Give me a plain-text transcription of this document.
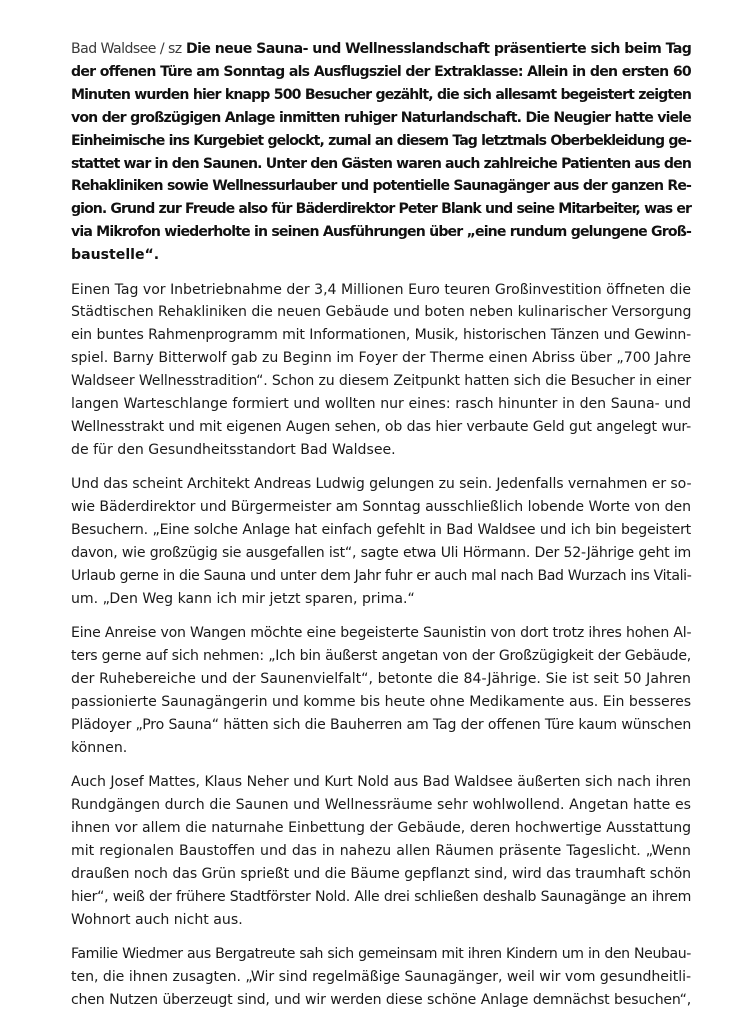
Bad Waldsee / sz Die neue Sauna- und Wellnesslandschaft präsentierte sich beim Tag
der offenen Türe am Sonntag als Ausflugsziel der Extraklasse: Allein in den ersten 60
Minuten wurden hier knapp 500 Besucher gezählt, die sich allesamt begeistert zeigten
von der großzügigen Anlage inmitten ruhiger Naturlandschaft. Die Neugier hatte viele
Einheimische ins Kurgebiet gelockt, zumal an diesem Tag letztmals Oberbekleidung ge-
stattet war in den Saunen. Unter den Gästen waren auch zahlreiche Patienten aus den
Rehakliniken sowie Wellnessurlauber und potentielle Saunagänger aus der ganzen Re-
gion. Grund zur Freude also für Bäderdirektor Peter Blank und seine Mitarbeiter, was er
via Mikrofon wiederholte in seinen Ausführungen über „eine rundum gelungene Groß-
baustelle“.
Einen Tag vor Inbetriebnahme der 3,4 Millionen Euro teuren Großinvestition öffneten die
Städtischen Rehakliniken die neuen Gebäude und boten neben kulinarischer Versorgung
ein buntes Rahmenprogramm mit Informationen, Musik, historischen Tänzen und Gewinn-
spiel. Barny Bitterwolf gab zu Beginn im Foyer der Therme einen Abriss über „700 Jahre
Waldseer Wellnesstradition“. Schon zu diesem Zeitpunkt hatten sich die Besucher in einer
langen Warteschlange formiert und wollten nur eines: rasch hinunter in den Sauna- und
Wellnesstrakt und mit eigenen Augen sehen, ob das hier verbaute Geld gut angelegt wur-
de für den Gesundheitsstandort Bad Waldsee.
Und das scheint Architekt Andreas Ludwig gelungen zu sein. Jedenfalls vernahmen er so-
wie Bäderdirektor und Bürgermeister am Sonntag ausschließlich lobende Worte von den
Besuchern. „Eine solche Anlage hat einfach gefehlt in Bad Waldsee und ich bin begeistert
davon, wie großzügig sie ausgefallen ist“, sagte etwa Uli Hörmann. Der 52-Jährige geht im
Urlaub gerne in die Sauna und unter dem Jahr fuhr er auch mal nach Bad Wurzach ins Vitali-
um. „Den Weg kann ich mir jetzt sparen, prima.“
Eine Anreise von Wangen möchte eine begeisterte Saunistin von dort trotz ihres hohen Al-
ters gerne auf sich nehmen: „Ich bin äußerst angetan von der Großzügigkeit der Gebäude,
der Ruhebereiche und der Saunenvielfalt“, betonte die 84-Jährige. Sie ist seit 50 Jahren
passionierte Saunagängerin und komme bis heute ohne Medikamente aus. Ein besseres
Plädoyer „Pro Sauna“ hätten sich die Bauherren am Tag der offenen Türe kaum wünschen
können.
Auch Josef Mattes, Klaus Neher und Kurt Nold aus Bad Waldsee äußerten sich nach ihren
Rundgängen durch die Saunen und Wellnessräume sehr wohlwollend. Angetan hatte es
ihnen vor allem die naturnahe Einbettung der Gebäude, deren hochwertige Ausstattung
mit regionalen Baustoffen und das in nahezu allen Räumen präsente Tageslicht. „Wenn
draußen noch das Grün sprießt und die Bäume gepflanzt sind, wird das traumhaft schön
hier“, weiß der frühere Stadtförster Nold. Alle drei schließen deshalb Saunagänge an ihrem
Wohnort auch nicht aus.
Familie Wiedmer aus Bergatreute sah sich gemeinsam mit ihren Kindern um in den Neubau-
ten, die ihnen zusagten. „Wir sind regelmäßige Saunagänger, weil wir vom gesundheitli-
chen Nutzen überzeugt sind, und wir werden diese schöne Anlage demnächst besuchen“,
